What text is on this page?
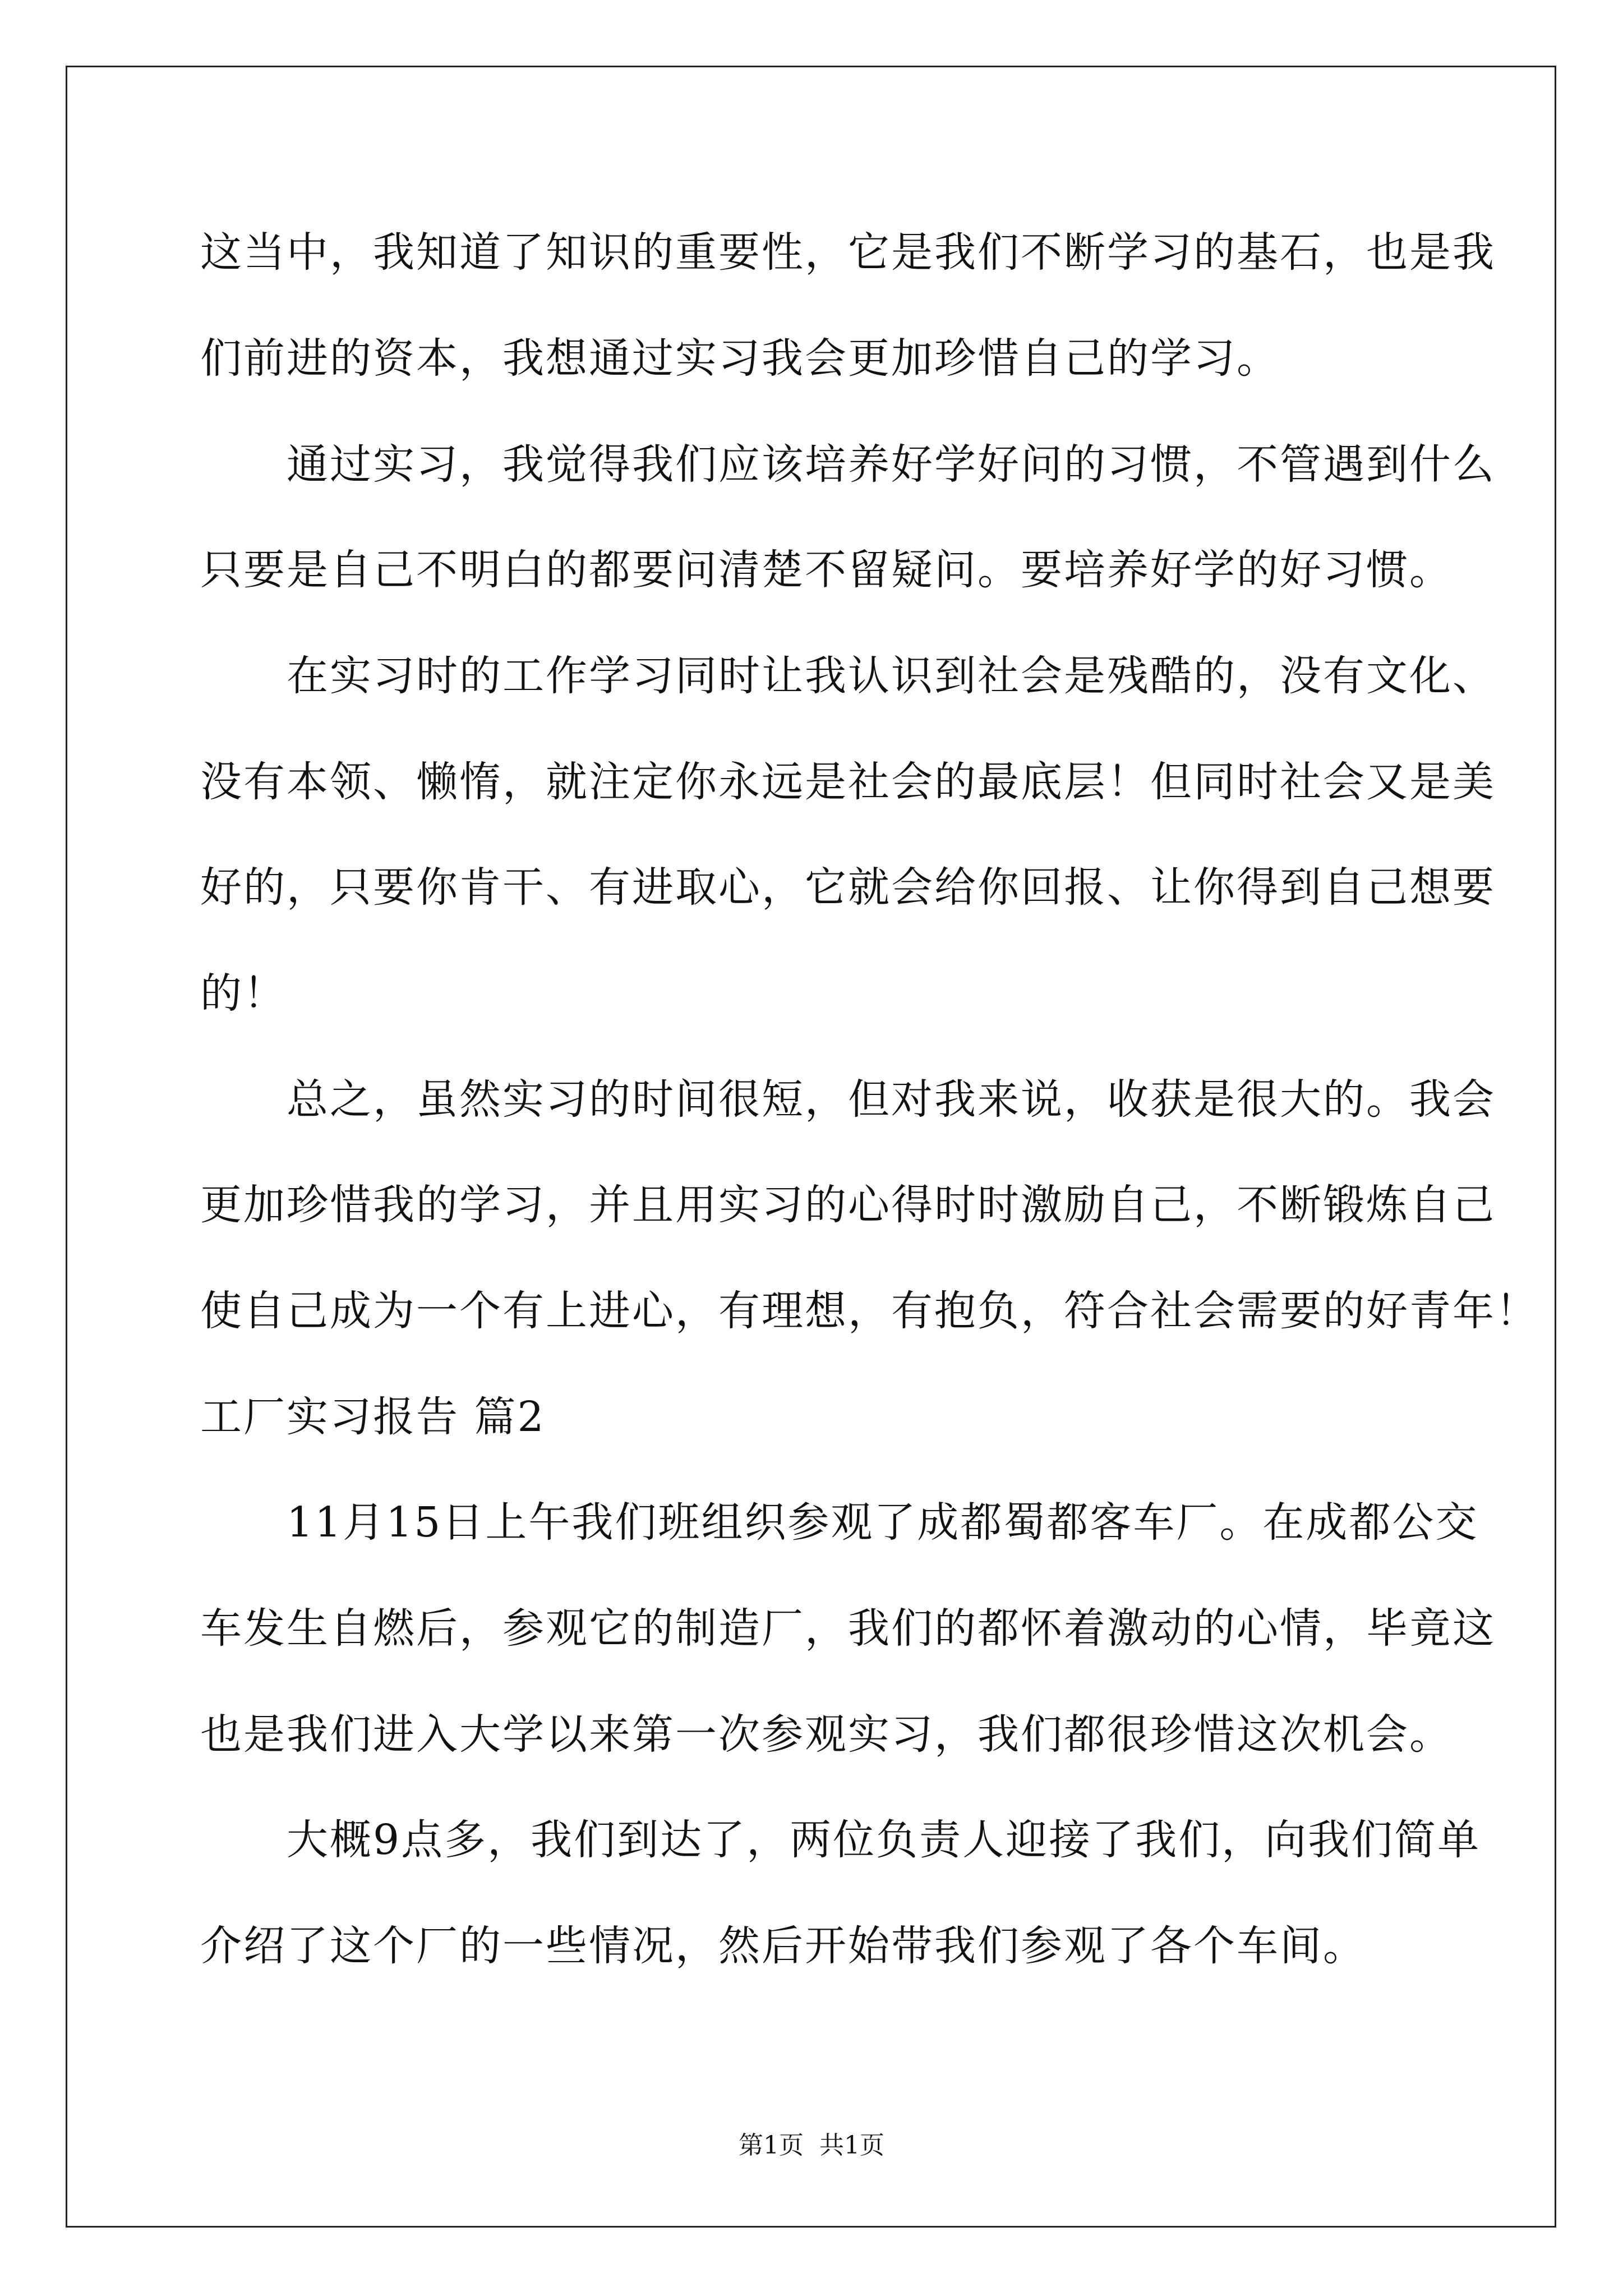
这当中，我知道了知识的重要性，它是我们不断学习的基石，也是我
们前进的资本，我想通过实习我会更加珍惜自己的学习。
　　通过实习，我觉得我们应该培养好学好问的习惯，不管遇到什么
只要是自己不明白的都要问清楚不留疑问。要培养好学的好习惯。
　　在实习时的工作学习同时让我认识到社会是残酷的，没有文化、
没有本领、懒惰，就注定你永远是社会的最底层！但同时社会又是美
好的，只要你肯干、有进取心，它就会给你回报、让你得到自己想要
的！
　　总之，虽然实习的时间很短，但对我来说，收获是很大的。我会
更加珍惜我的学习，并且用实习的心得时时激励自己，不断锻炼自己
使自己成为一个有上进心，有理想，有抱负，符合社会需要的好青年！
工厂实习报告 篇2
　　11月15日上午我们班组织参观了成都蜀都客车厂。在成都公交
车发生自燃后，参观它的制造厂，我们的都怀着激动的心情，毕竟这
也是我们进入大学以来第一次参观实习，我们都很珍惜这次机会。
　　大概9点多，我们到达了，两位负责人迎接了我们，向我们简单
介绍了这个厂的一些情况，然后开始带我们参观了各个车间。
第1页 共1页
